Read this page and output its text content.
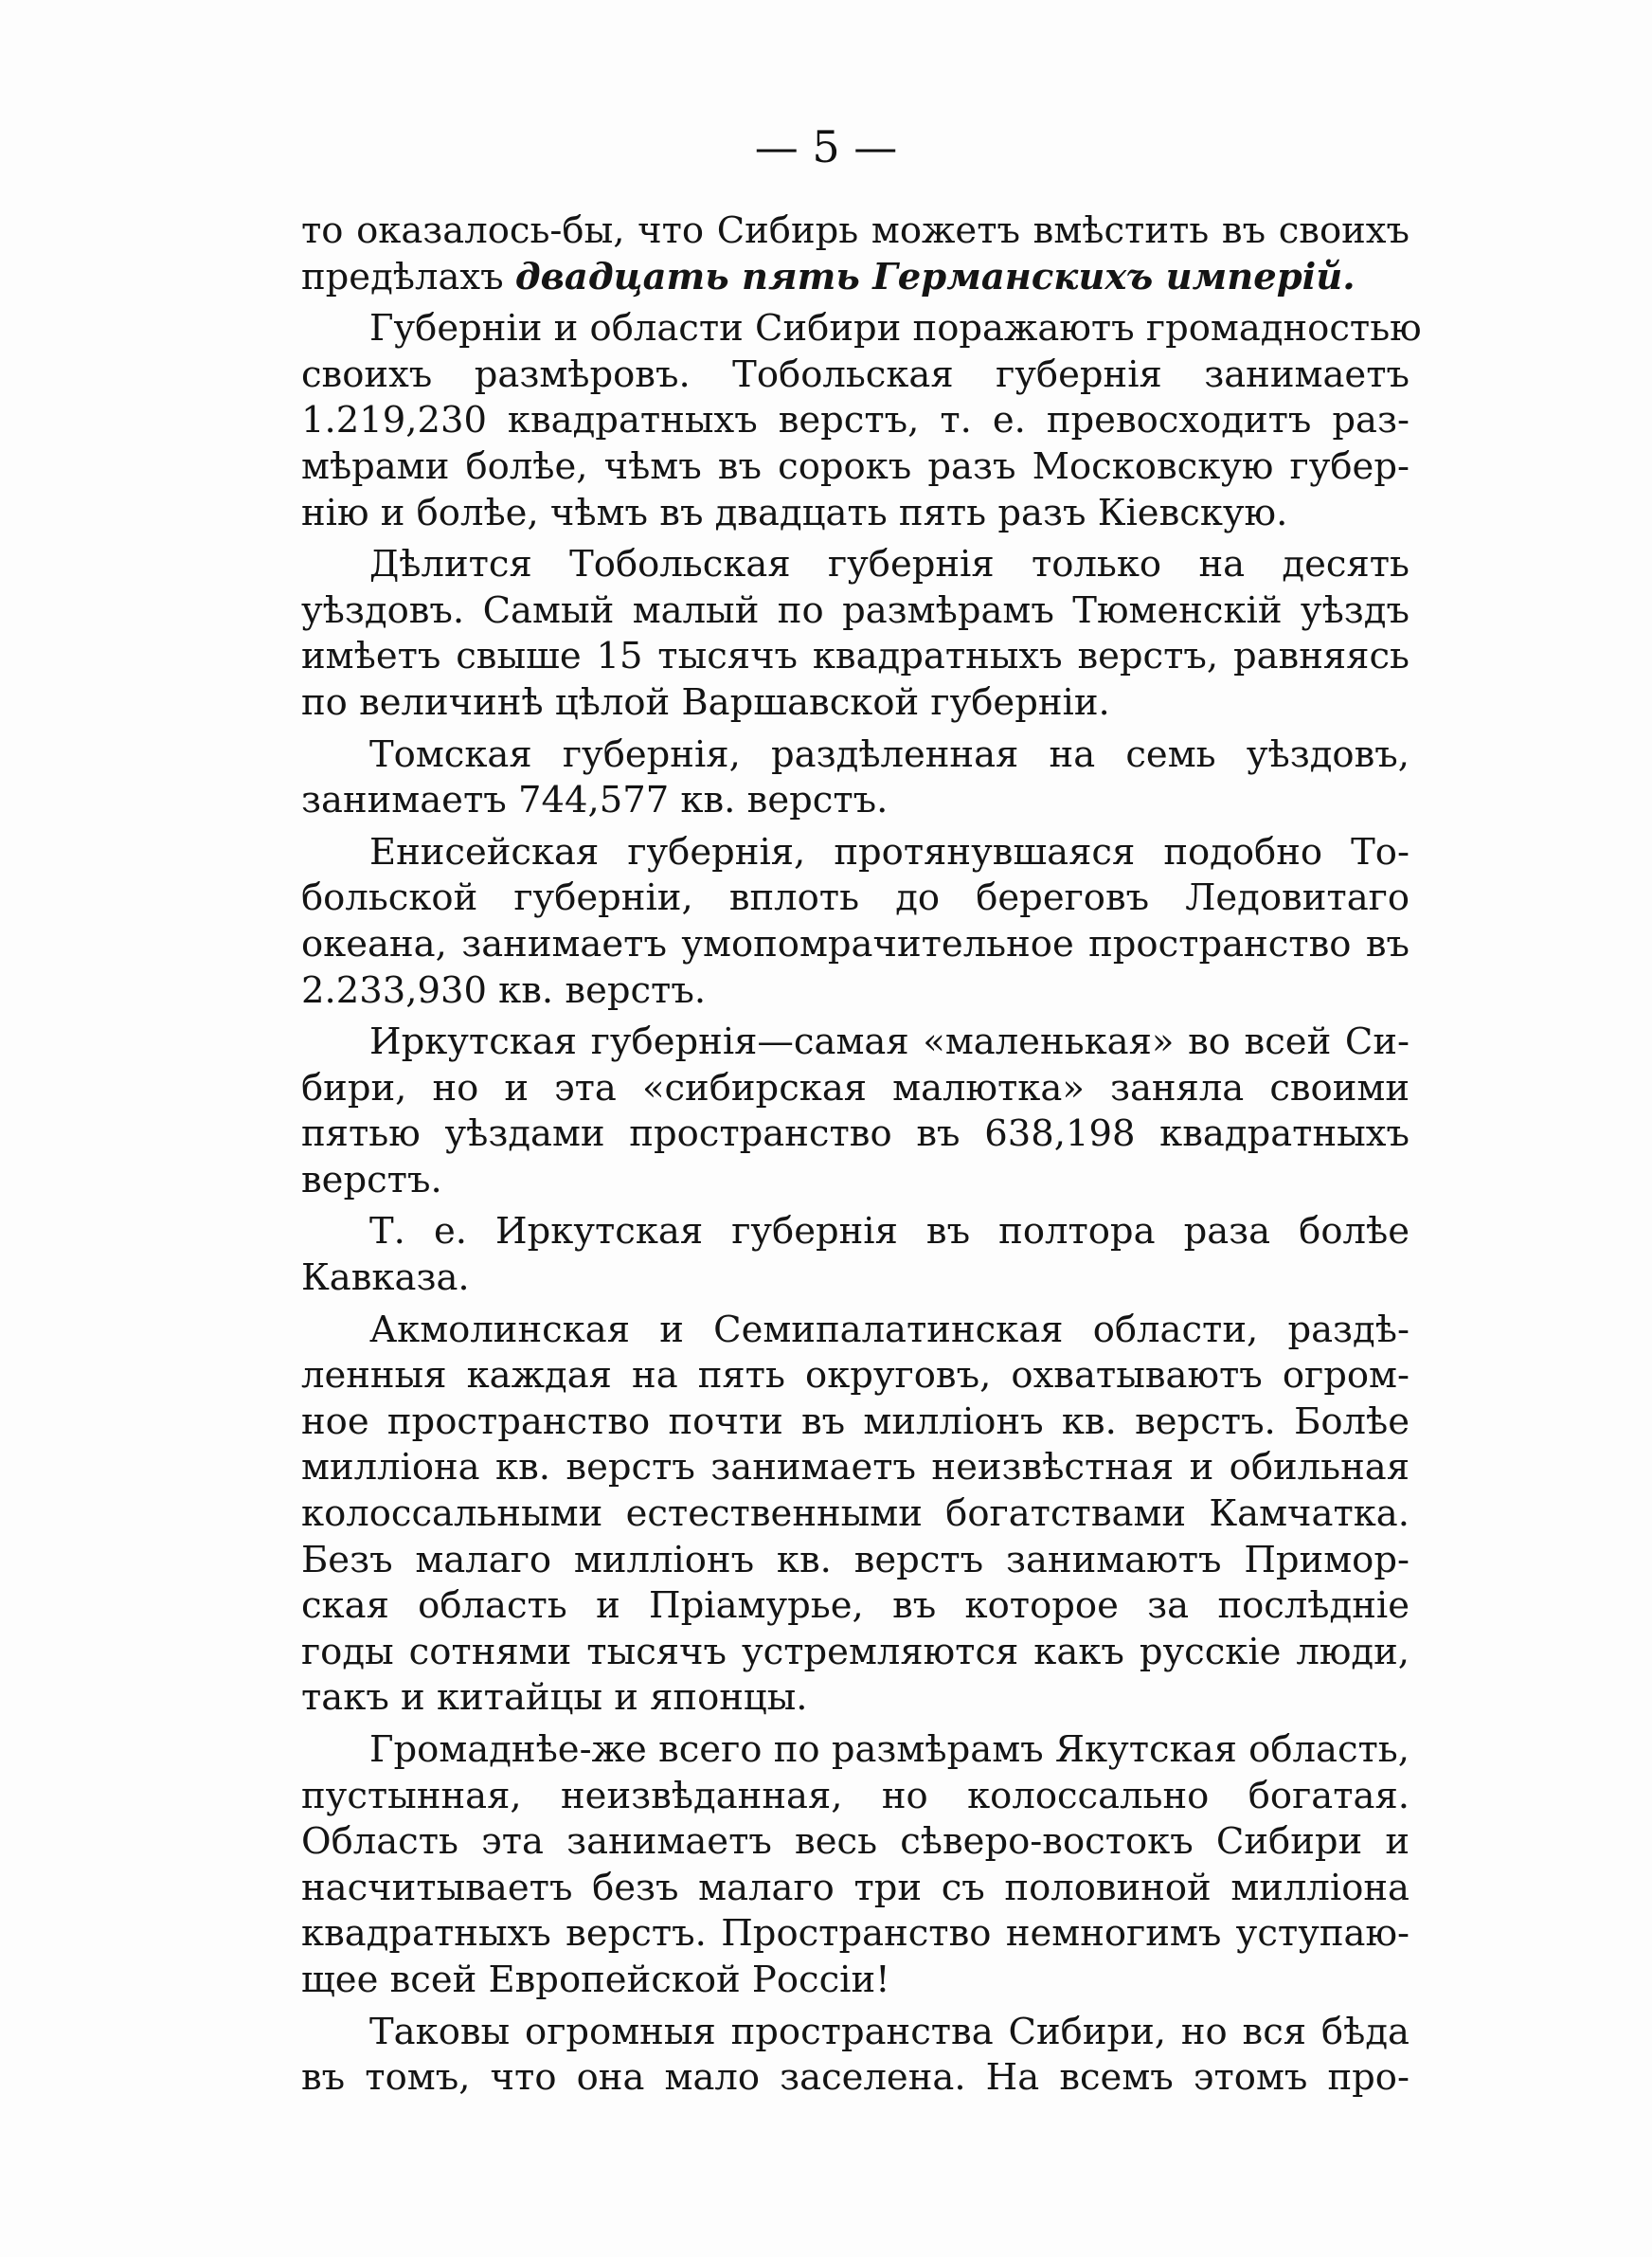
— 5 —
то оказалось-бы, что Сибирь можетъ вмѣстить въ своихъ
предѣлахъ двадцать пять Германскихъ имперій.
Губерніи и области Сибири поражаютъ громадностью
своихъ размѣровъ. Тобольская губернія занимаетъ
1.219,230 квадратныхъ верстъ, т. е. превосходитъ раз-
мѣрами болѣе, чѣмъ въ сорокъ разъ Московскую губер-
нію и болѣе, чѣмъ въ двадцать пять разъ Кіевскую.
Дѣлится Тобольская губернія только на десять
уѣздовъ. Самый малый по размѣрамъ Тюменскій уѣздъ
имѣетъ свыше 15 тысячъ квадратныхъ верстъ, равняясь
по величинѣ цѣлой Варшавской губерніи.
Томская губернія, раздѣленная на семь уѣздовъ,
занимаетъ 744,577 кв. верстъ.
Енисейская губернія, протянувшаяся подобно То-
больской губерніи, вплоть до береговъ Ледовитаго
океана, занимаетъ умопомрачительное пространство въ
2.233,930 кв. верстъ.
Иркутская губернія—самая «маленькая» во всей Си-
бири, но и эта «сибирская малютка» заняла своими
пятью уѣздами пространство въ 638,198 квадратныхъ
верстъ.
Т. е. Иркутская губернія въ полтора раза болѣе
Кавказа.
Акмолинская и Семипалатинская области, раздѣ-
ленныя каждая на пять округовъ, охватываютъ огром-
ное пространство почти въ милліонъ кв. верстъ. Болѣе
милліона кв. верстъ занимаетъ неизвѣстная и обильная
колоссальными естественными богатствами Камчатка.
Безъ малаго милліонъ кв. верстъ занимаютъ Примор-
ская область и Пріамурье, въ которое за послѣдніе
годы сотнями тысячъ устремляются какъ русскіе люди,
такъ и китайцы и японцы.
Громаднѣе-же всего по размѣрамъ Якутская область,
пустынная, неизвѣданная, но колоссально богатая.
Область эта занимаетъ весь сѣверо-востокъ Сибири и
насчитываетъ безъ малаго три съ половиной милліона
квадратныхъ верстъ. Пространство немногимъ уступаю-
щее всей Европейской Россіи!
Таковы огромныя пространства Сибири, но вся бѣда
въ томъ, что она мало заселена. На всемъ этомъ про-
